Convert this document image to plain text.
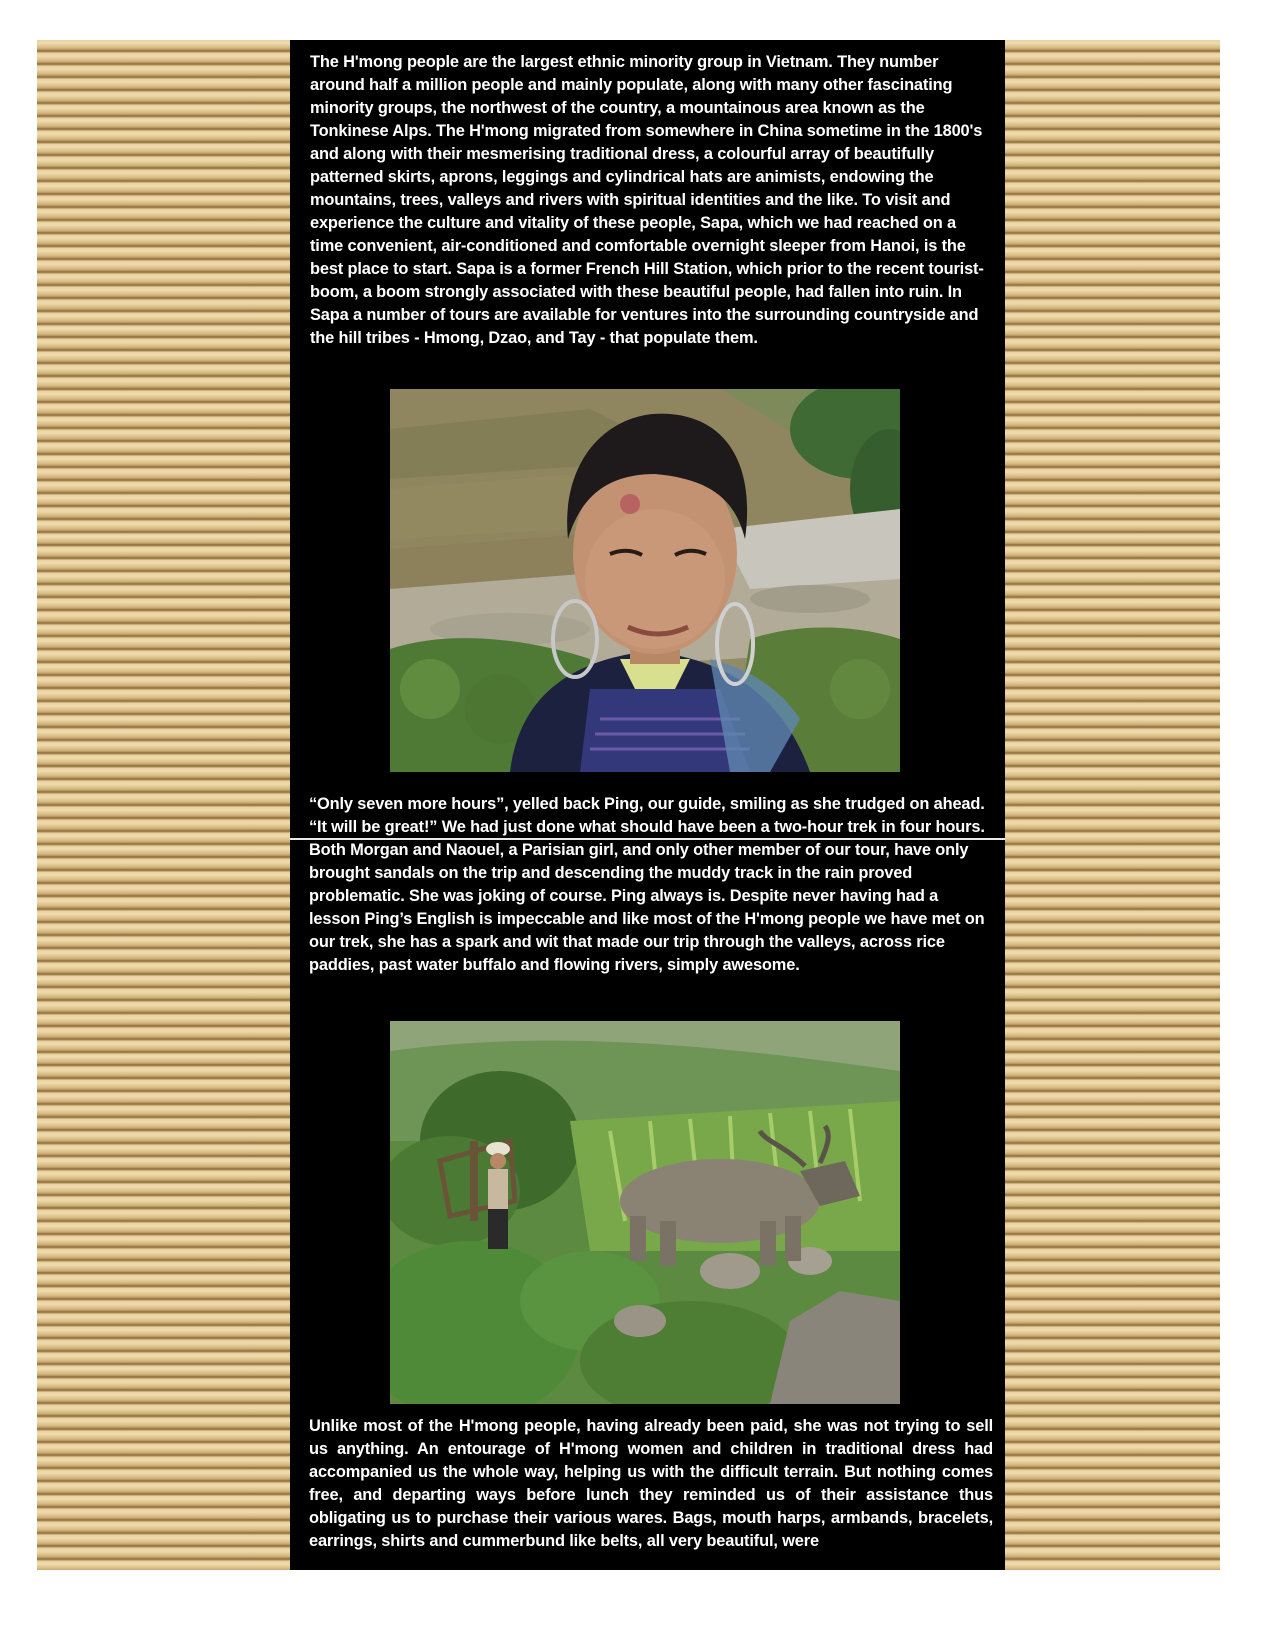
The H'mong people are the largest ethnic minority group in Vietnam. They number around half a million people and mainly populate, along with many other fascinating minority groups, the northwest of the country, a mountainous area known as the Tonkinese Alps. The H'mong migrated from somewhere in China sometime in the 1800's and along with their mesmerising traditional dress, a colourful array of beautifully patterned skirts, aprons, leggings and cylindrical hats are animists, endowing the mountains, trees, valleys and rivers with spiritual identities and the like. To visit and experience the culture and vitality of these people, Sapa, which we had reached on a time convenient, air-conditioned and comfortable overnight sleeper from Hanoi, is the best place to start. Sapa is a former French Hill Station, which prior to the recent tourist-boom, a boom strongly associated with these beautiful people, had fallen into ruin. In Sapa a number of tours are available for ventures into the surrounding countryside and the hill tribes - Hmong, Dzao, and Tay - that populate them.

“Only seven more hours”, yelled back Ping, our guide, smiling as she trudged on ahead. “It will be great!” We had just done what should have been a two-hour trek in four hours. Both Morgan and Naouel, a Parisian girl, and only other member of our tour, have only brought sandals on the trip and descending the muddy track in the rain proved problematic. She was joking of course. Ping always is. Despite never having had a lesson Ping’s English is impeccable and like most of the H'mong people we have met on our trek, she has a spark and wit that made our trip through the valleys, across rice paddies, past water buffalo and flowing rivers, simply awesome.

Unlike most of the H'mong people, having already been paid, she was not trying to sell us anything. An entourage of H'mong women and children in traditional dress had accompanied us the whole way, helping us with the difficult terrain. But nothing comes free, and departing ways before lunch they reminded us of their assistance thus obligating us to purchase their various wares. Bags, mouth harps, armbands, bracelets, earrings, shirts and cummerbund like belts, all very beautiful, were
